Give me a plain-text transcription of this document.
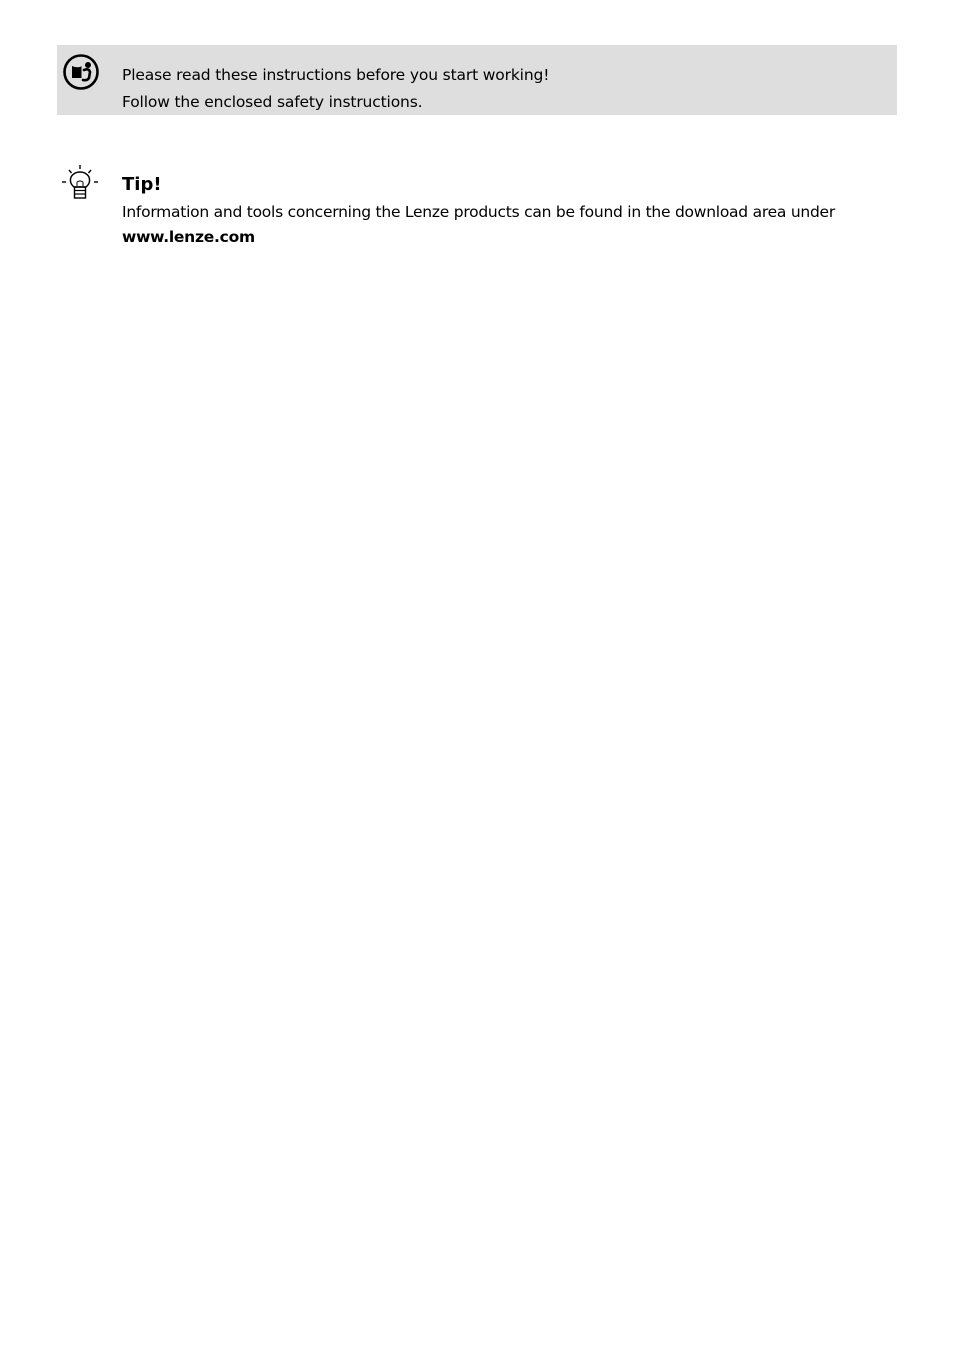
Please read these instructions before you start working!
Follow the enclosed safety instructions.
Tip!
Information and tools concerning the Lenze products can be found in the download area under
www.lenze.com
